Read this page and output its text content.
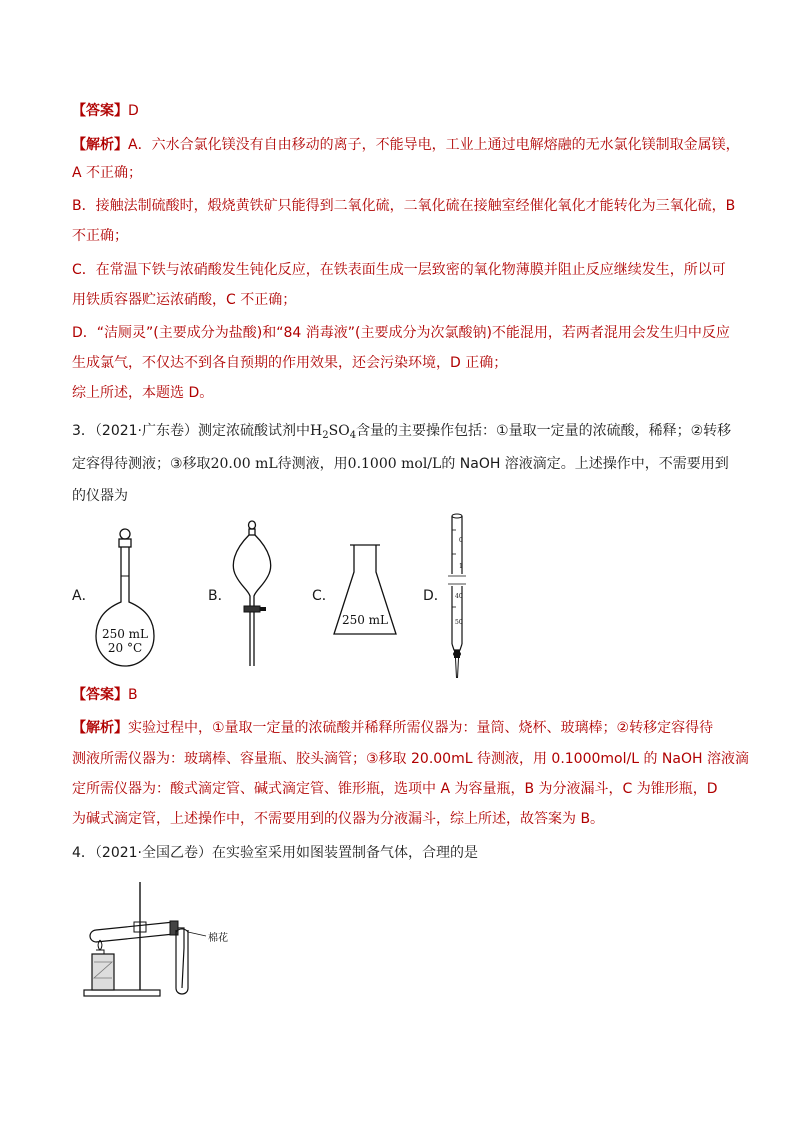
【答案】D
【解析】A．六水合氯化镁没有自由移动的离子，不能导电，工业上通过电解熔融的无水氯化镁制取金属镁，
A 不正确；
B．接触法制硫酸时，煅烧黄铁矿只能得到二氧化硫，二氧化硫在接触室经催化氧化才能转化为三氧化硫，B
不正确；
C．在常温下铁与浓硝酸发生钝化反应，在铁表面生成一层致密的氧化物薄膜并阻止反应继续发生，所以可
用铁质容器贮运浓硝酸，C 不正确；
D．“洁厕灵”(主要成分为盐酸)和“84 消毒液”(主要成分为次氯酸钠)不能混用，若两者混用会发生归中反应
生成氯气，不仅达不到各自预期的作用效果，还会污染环境，D 正确；
综上所述，本题选 D。
3．（2021·广东卷）测定浓硫酸试剂中$H_2SO_4$含量的主要操作包括：①量取一定量的浓硫酸，稀释；②转移
定容得待测液；③移取20.00 mL待测液，用0.1000 mol/L的 NaOH 溶液滴定。上述操作中，不需要用到
的仪器为
A．	B．	C．	D．
250 mL
20 °C
250 mL
0
1
40
50
【答案】B
【解析】实验过程中，①量取一定量的浓硫酸并稀释所需仪器为：量筒、烧杯、玻璃棒；②转移定容得待
测液所需仪器为：玻璃棒、容量瓶、胶头滴管；③移取 20.00mL 待测液，用 0.1000mol/L 的 NaOH 溶液滴
定所需仪器为：酸式滴定管、碱式滴定管、锥形瓶，选项中 A 为容量瓶，B 为分液漏斗，C 为锥形瓶，D
为碱式滴定管，上述操作中，不需要用到的仪器为分液漏斗，综上所述，故答案为 B。
4．（2021·全国乙卷）在实验室采用如图装置制备气体，合理的是
棉花
